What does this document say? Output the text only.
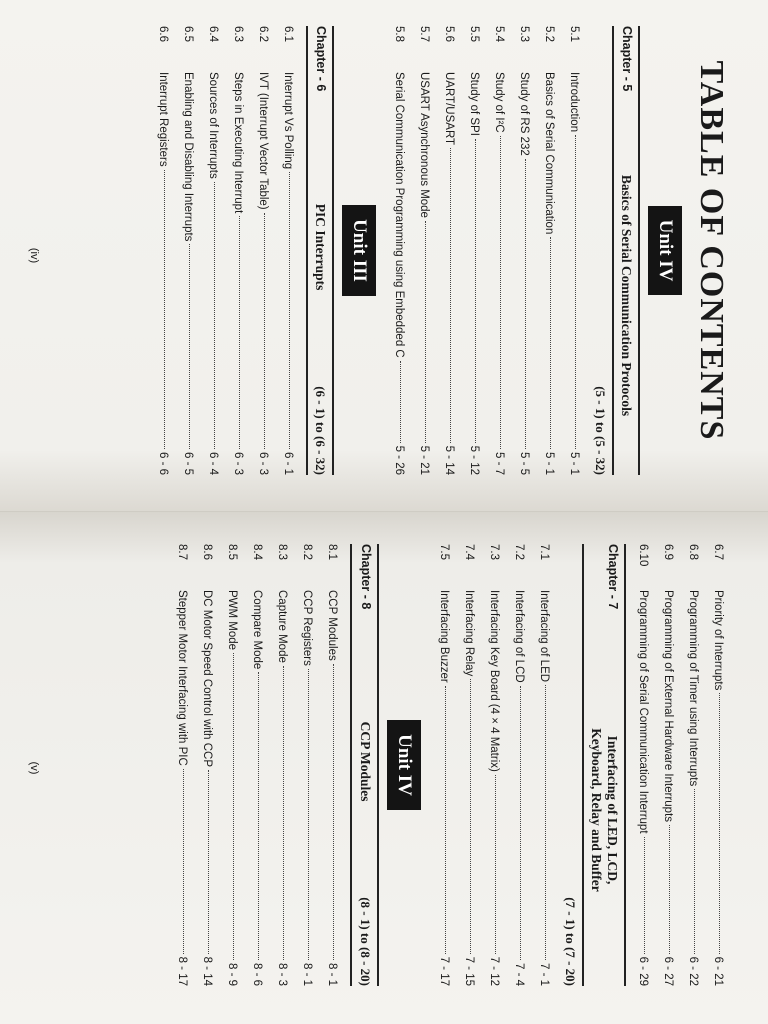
TABLE OF CONTENTS
Unit IV
Chapter - 5
Basics of Serial Communication Protocols
(5 - 1) to (5 - 32)
5.1
Introduction
5 - 1
5.2
Basics of Serial Communication
5 - 1
5.3
Study of RS 232
5 - 5
5.4
Study of I²C
5 - 7
5.5
Study of SPI
5 - 12
5.6
UART/USART
5 - 14
5.7
USART Asynchronous Mode
5 - 21
5.8
Serial Communication Programming using Embedded C
5 - 26
Unit III
Chapter - 6
PIC Interrupts
(6 - 1) to (6 - 32)
6.1
Interrupt Vs Polling
6 - 1
6.2
IVT (Interrupt Vector Table)
6 - 3
6.3
Steps in Executing Interrupt
6 - 3
6.4
Sources of Interrupts
6 - 4
6.5
Enabling and Disabling Interrupts
6 - 5
6.6
Interrupt Registers
6 - 6
(iv)
6.7
Priority of Interrupts
6 - 21
6.8
Programming of Timer using Interrupts
6 - 22
6.9
Programming of External Hardware Interrupts
6 - 27
6.10
Programming of Serial Communication Interrupt
6 - 29
Chapter - 7
Interfacing of LED, LCD,
Keyboard, Relay and Buffer
(7 - 1) to (7 - 20)
7.1
Interfacing of LED
7 - 1
7.2
Interfacing of LCD
7 - 4
7.3
Interfacing Key Board (4 × 4 Matrix)
7 - 12
7.4
Interfacing Relay
7 - 15
7.5
Interfacing Buzzer
7 - 17
Unit IV
Chapter - 8
CCP Modules
(8 - 1) to (8 - 20)
8.1
CCP Modules
8 - 1
8.2
CCP Registers
8 - 1
8.3
Capture Mode
8 - 3
8.4
Compare Mode
8 - 6
8.5
PWM Mode
8 - 9
8.6
DC Motor Speed Control with CCP
8 - 14
8.7
Stepper Motor Interfacing with PIC
8 - 17
(v)
